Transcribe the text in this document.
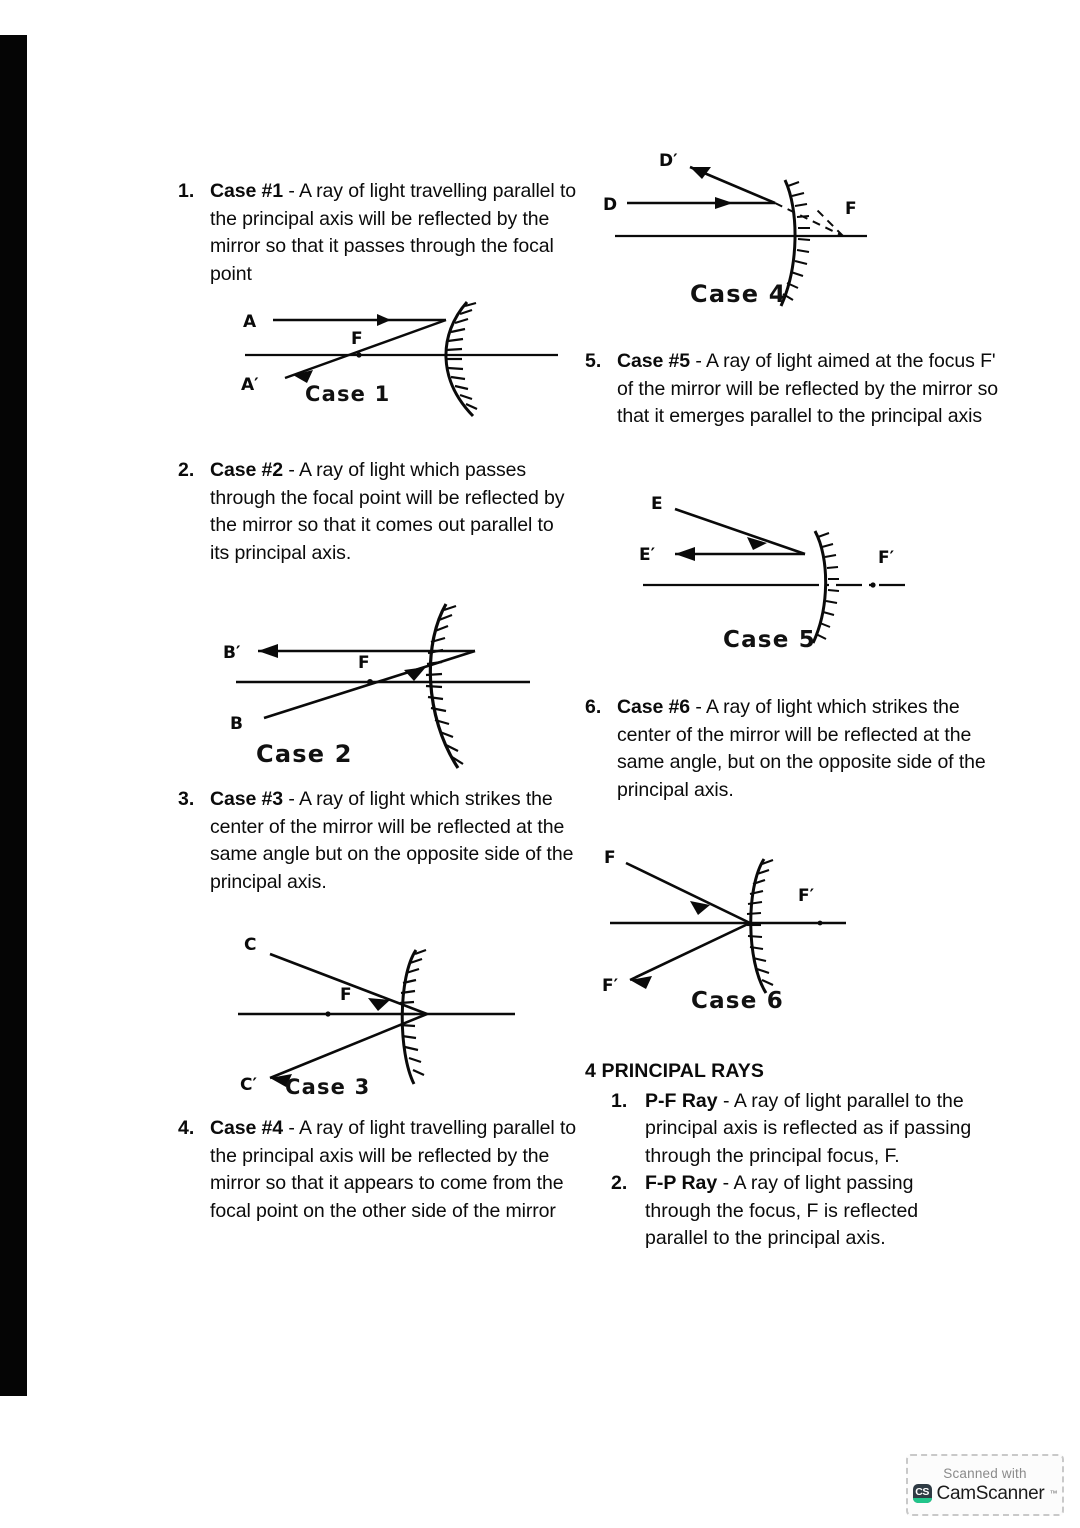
1. Case #1 - A ray of light travelling parallel to the principal axis will be reflected by the mirror so that it passes through the focal point
A
F
A′ Case 1
2. Case #2 - A ray of light which passes through the focal point will be reflected by the mirror so that it comes out parallel to its principal axis.
B′	F
B
Case 2
3. Case #3 - A ray of light which strikes the center of the mirror will be reflected at the same angle but on the opposite side of the principal axis.
C
F
C′ Case 3
4. Case #4 - A ray of light travelling parallel to the principal axis will be reflected by the mirror so that it appears to come from the focal point on the other side of the mirror
D′
D	F
Case 4
5. Case #5 - A ray of light aimed at the focus F' of the mirror will be reflected by the mirror so that it emerges parallel to the principal axis
E
E′	F′
Case 5
6. Case #6 - A ray of light which strikes the center of the mirror will be reflected at the same angle, but on the opposite side of the principal axis.
F
F′
F′
Case 6
4 PRINCIPAL RAYS
1. P-F Ray - A ray of light parallel to the principal axis is reflected as if passing through the principal focus, F.
2. F-P Ray - A ray of light passing through the focus, F is reflected parallel to the principal axis.
Scanned with
CS CamScanner ™
